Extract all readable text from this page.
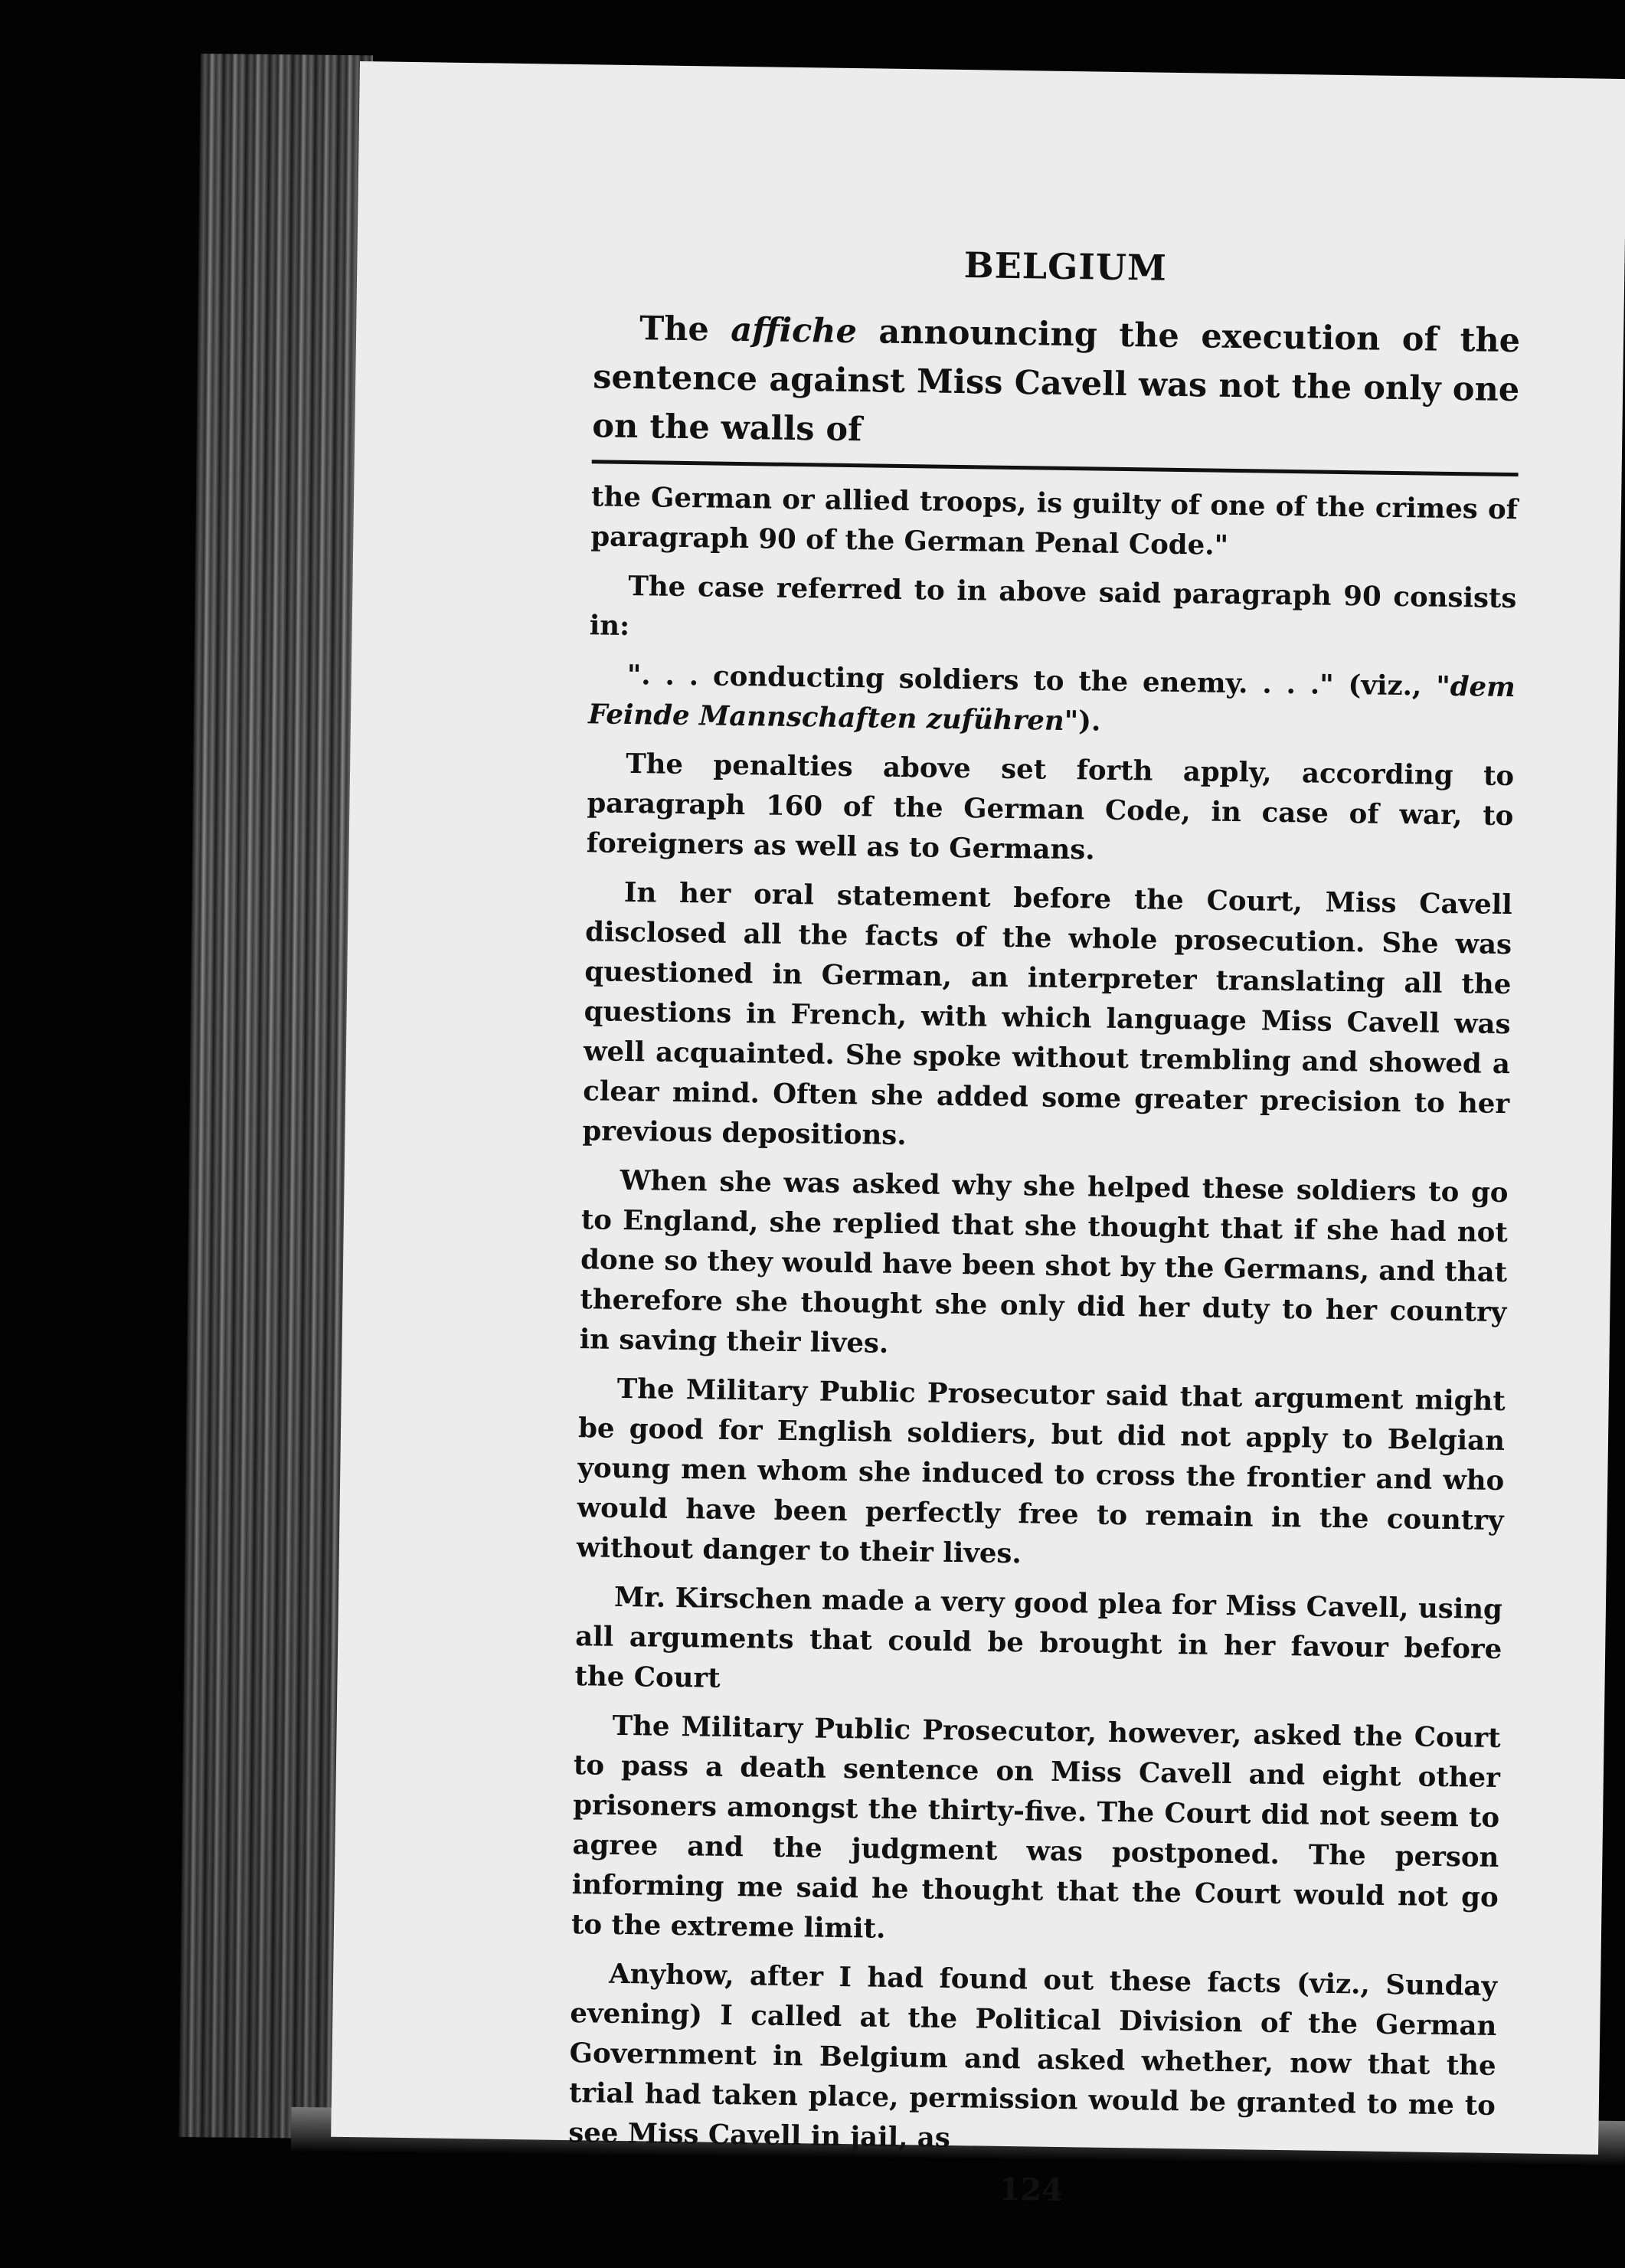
BELGIUM

The affiche announcing the execution of the sentence against Miss Cavell was not the only one on the walls of

the German or allied troops, is guilty of one of the crimes of paragraph 90 of the German Penal Code."

The case referred to in above said paragraph 90 consists in:

". . . conducting soldiers to the enemy. . . ." (viz., "dem Feinde Mannschaften zuführen").

The penalties above set forth apply, according to paragraph 160 of the German Code, in case of war, to foreigners as well as to Germans.

In her oral statement before the Court, Miss Cavell disclosed all the facts of the whole prosecution. She was questioned in German, an interpreter translating all the questions in French, with which language Miss Cavell was well acquainted. She spoke without trembling and showed a clear mind. Often she added some greater precision to her previous depositions.

When she was asked why she helped these soldiers to go to England, she replied that she thought that if she had not done so they would have been shot by the Germans, and that therefore she thought she only did her duty to her country in saving their lives.

The Military Public Prosecutor said that argument might be good for English soldiers, but did not apply to Belgian young men whom she induced to cross the frontier and who would have been perfectly free to remain in the country without danger to their lives.

Mr. Kirschen made a very good plea for Miss Cavell, using all arguments that could be brought in her favour before the Court

The Military Public Prosecutor, however, asked the Court to pass a death sentence on Miss Cavell and eight other prisoners amongst the thirty-five. The Court did not seem to agree and the judgment was postponed. The person informing me said he thought that the Court would not go to the extreme limit.

Anyhow, after I had found out these facts (viz., Sunday evening) I called at the Political Division of the German Government in Belgium and asked whether, now that the trial had taken place, permission would be granted to me to see Miss Cavell in jail, as

124
